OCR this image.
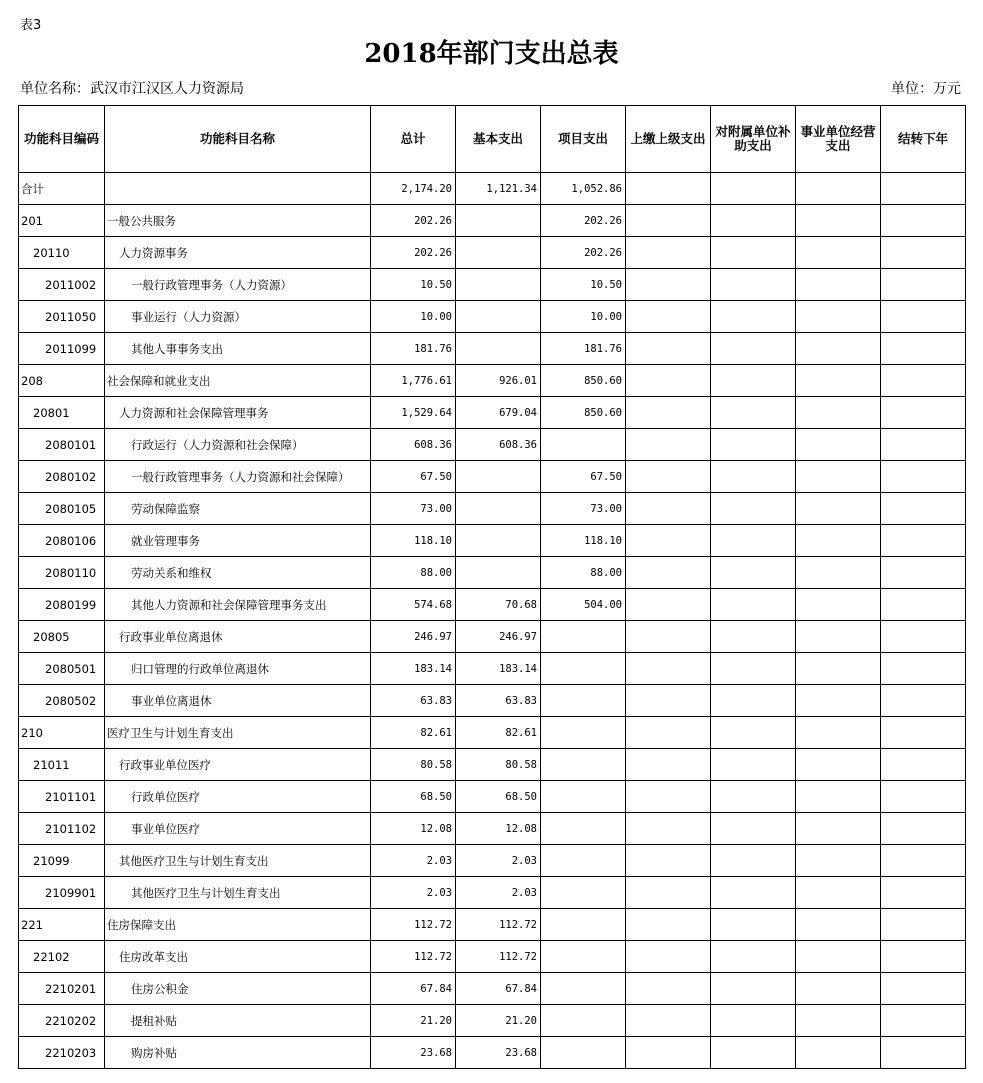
表3
2018年部门支出总表
单位名称：武汉市江汉区人力资源局	单位：万元
功能科目编码	功能科目名称	总计	基本支出	项目支出	上缴上级支出	对附属单位补助支出	事业单位经营支出	结转下年
合计		2,174.20	1,121.34	1,052.86				
201	一般公共服务	202.26		202.26				
20110	人力资源事务	202.26		202.26				
2011002	一般行政管理事务（人力资源）	10.50		10.50				
2011050	事业运行（人力资源）	10.00		10.00				
2011099	其他人事事务支出	181.76		181.76				
208	社会保障和就业支出	1,776.61	926.01	850.60				
20801	人力资源和社会保障管理事务	1,529.64	679.04	850.60				
2080101	行政运行（人力资源和社会保障）	608.36	608.36					
2080102	一般行政管理事务（人力资源和社会保障）	67.50		67.50				
2080105	劳动保障监察	73.00		73.00				
2080106	就业管理事务	118.10		118.10				
2080110	劳动关系和维权	88.00		88.00				
2080199	其他人力资源和社会保障管理事务支出	574.68	70.68	504.00				
20805	行政事业单位离退休	246.97	246.97					
2080501	归口管理的行政单位离退休	183.14	183.14					
2080502	事业单位离退休	63.83	63.83					
210	医疗卫生与计划生育支出	82.61	82.61					
21011	行政事业单位医疗	80.58	80.58					
2101101	行政单位医疗	68.50	68.50					
2101102	事业单位医疗	12.08	12.08					
21099	其他医疗卫生与计划生育支出	2.03	2.03					
2109901	其他医疗卫生与计划生育支出	2.03	2.03					
221	住房保障支出	112.72	112.72					
22102	住房改革支出	112.72	112.72					
2210201	住房公积金	67.84	67.84					
2210202	提租补贴	21.20	21.20					
2210203	购房补贴	23.68	23.68					
